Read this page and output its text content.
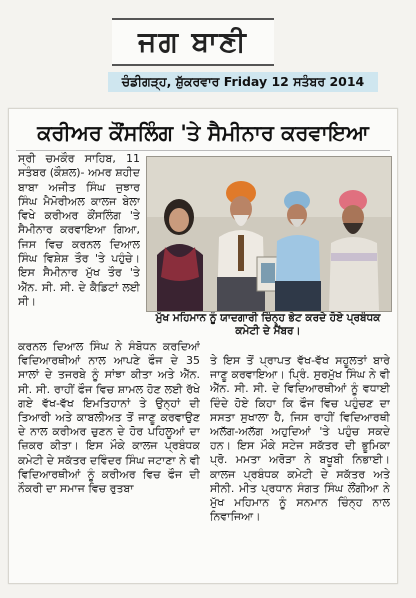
ਜਗ ਬਾਣੀ
ਚੰਡੀਗੜ੍ਹ, ਸ਼ੁੱਕਰਵਾਰ Friday 12 ਸਤੰਬਰ 2014
ਕਰੀਅਰ ਕੌਂਸਲਿੰਗ 'ਤੇ ਸੈਮੀਨਾਰ ਕਰਵਾਇਆ

ਸ੍ਰੀ ਚਮਕੌਰ ਸਾਹਿਬ, 11 ਸਤੰਬਰ (ਕੌਸ਼ਲ)- ਅਮਰ ਸ਼ਹੀਦ ਬਾਬਾ ਅਜੀਤ ਸਿੰਘ ਜੁਝਾਰ ਸਿੰਘ ਮੈਮੋਰੀਅਲ ਕਾਲਜ ਬੇਲਾ ਵਿਖੇ ਕਰੀਅਰ ਕੌਂਸਲਿੰਗ 'ਤੇ ਸੈਮੀਨਾਰ ਕਰਵਾਇਆ ਗਿਆ, ਜਿਸ ਵਿਚ ਕਰਨਲ ਦਿਆਲ ਸਿੰਘ ਵਿਸ਼ੇਸ਼ ਤੌਰ 'ਤੇ ਪਹੁੰਚੇ। ਇਸ ਸੈਮੀਨਾਰ ਮੁੱਖ ਤੌਰ 'ਤੇ ਐੱਨ. ਸੀ. ਸੀ. ਦੇ ਕੈਡਿਟਾਂ ਲਈ ਸੀ।

ਮੁੱਖ ਮਹਿਮਾਨ ਨੂੰ ਯਾਦਗਾਰੀ ਚਿੰਨ੍ਹ ਭੇਟ ਕਰਦੇ ਹੋਏ ਪ੍ਰਬੰਧਕ ਕਮੇਟੀ ਦੇ ਮੈਂਬਰ।

ਕਰਨਲ ਦਿਆਲ ਸਿੰਘ ਨੇ ਸੰਬੋਧਨ ਕਰਦਿਆਂ ਵਿਦਿਆਰਥੀਆਂ ਨਾਲ ਆਪਣੇ ਫੌਜ ਦੇ 35 ਸਾਲਾਂ ਦੇ ਤਜਰਬੇ ਨੂੰ ਸਾਂਝਾ ਕੀਤਾ ਅਤੇ ਐੱਨ. ਸੀ. ਸੀ. ਰਾਹੀਂ ਫੌਜ ਵਿਚ ਸ਼ਾਮਲ ਹੋਣ ਲਈ ਰੱਖੇ ਗਏ ਵੱਖ-ਵੱਖ ਇਮਤਿਹਾਨਾਂ ਤੇ ਉਨ੍ਹਾਂ ਦੀ ਤਿਆਰੀ ਅਤੇ ਕਾਬਲੀਅਤ ਤੋਂ ਜਾਣੂ ਕਰਵਾਉਣ ਦੇ ਨਾਲ ਕਰੀਅਰ ਚੁਣਨ ਦੇ ਹੋਰ ਪਹਿਲੂਆਂ ਦਾ ਜ਼ਿਕਰ ਕੀਤਾ। ਇਸ ਮੌਕੇ ਕਾਲਜ ਪ੍ਰਬੰਧਕ ਕਮੇਟੀ ਦੇ ਸਕੱਤਰ ਦਵਿੰਦਰ ਸਿੰਘ ਜਟਾਣਾ ਨੇ ਵੀ ਵਿਦਿਆਰਥੀਆਂ ਨੂੰ ਕਰੀਅਰ ਵਿਚ ਫੌਜ ਦੀ ਨੌਕਰੀ ਦਾ ਸਮਾਜ ਵਿਚ ਰੁਤਬਾ

ਤੇ ਇਸ ਤੋਂ ਪ੍ਰਾਪਤ ਵੱਖ-ਵੱਖ ਸਹੂਲਤਾਂ ਬਾਰੇ ਜਾਣੂ ਕਰਵਾਇਆ। ਪ੍ਰਿੰ. ਸੁਰਮੁੱਖ ਸਿੰਘ ਨੇ ਵੀ ਐੱਨ. ਸੀ. ਸੀ. ਦੇ ਵਿਦਿਆਰਥੀਆਂ ਨੂੰ ਵਧਾਈ ਦਿੰਦੇ ਹੋਏ ਕਿਹਾ ਕਿ ਫੌਜ ਵਿਚ ਪਹੁੰਚਣ ਦਾ ਸਸਤਾ ਸੁਖਾਲਾ ਹੈ, ਜਿਸ ਰਾਹੀਂ ਵਿਦਿਆਰਥੀ ਅਲੱਗ-ਅਲੱਗ ਅਹੁਦਿਆਂ 'ਤੇ ਪਹੁੰਚ ਸਕਦੇ ਹਨ। ਇਸ ਮੌਕੇ ਸਟੇਜ ਸਕੱਤਰ ਦੀ ਭੂਮਿਕਾ ਪ੍ਰੋ. ਮਮਤਾ ਅਰੋੜਾ ਨੇ ਬਖੂਬੀ ਨਿਭਾਈ। ਕਾਲਜ ਪ੍ਰਬੰਧਕ ਕਮੇਟੀ ਦੇ ਸਕੱਤਰ ਅਤੇ ਸੀਨੀ. ਮੀਤ ਪ੍ਰਧਾਨ ਸੰਗਤ ਸਿੰਘ ਲੌਂਗੀਆ ਨੇ ਮੁੱਖ ਮਹਿਮਾਨ ਨੂੰ ਸਨਮਾਨ ਚਿੰਨ੍ਹ ਨਾਲ ਨਿਵਾਜਿਆ।
